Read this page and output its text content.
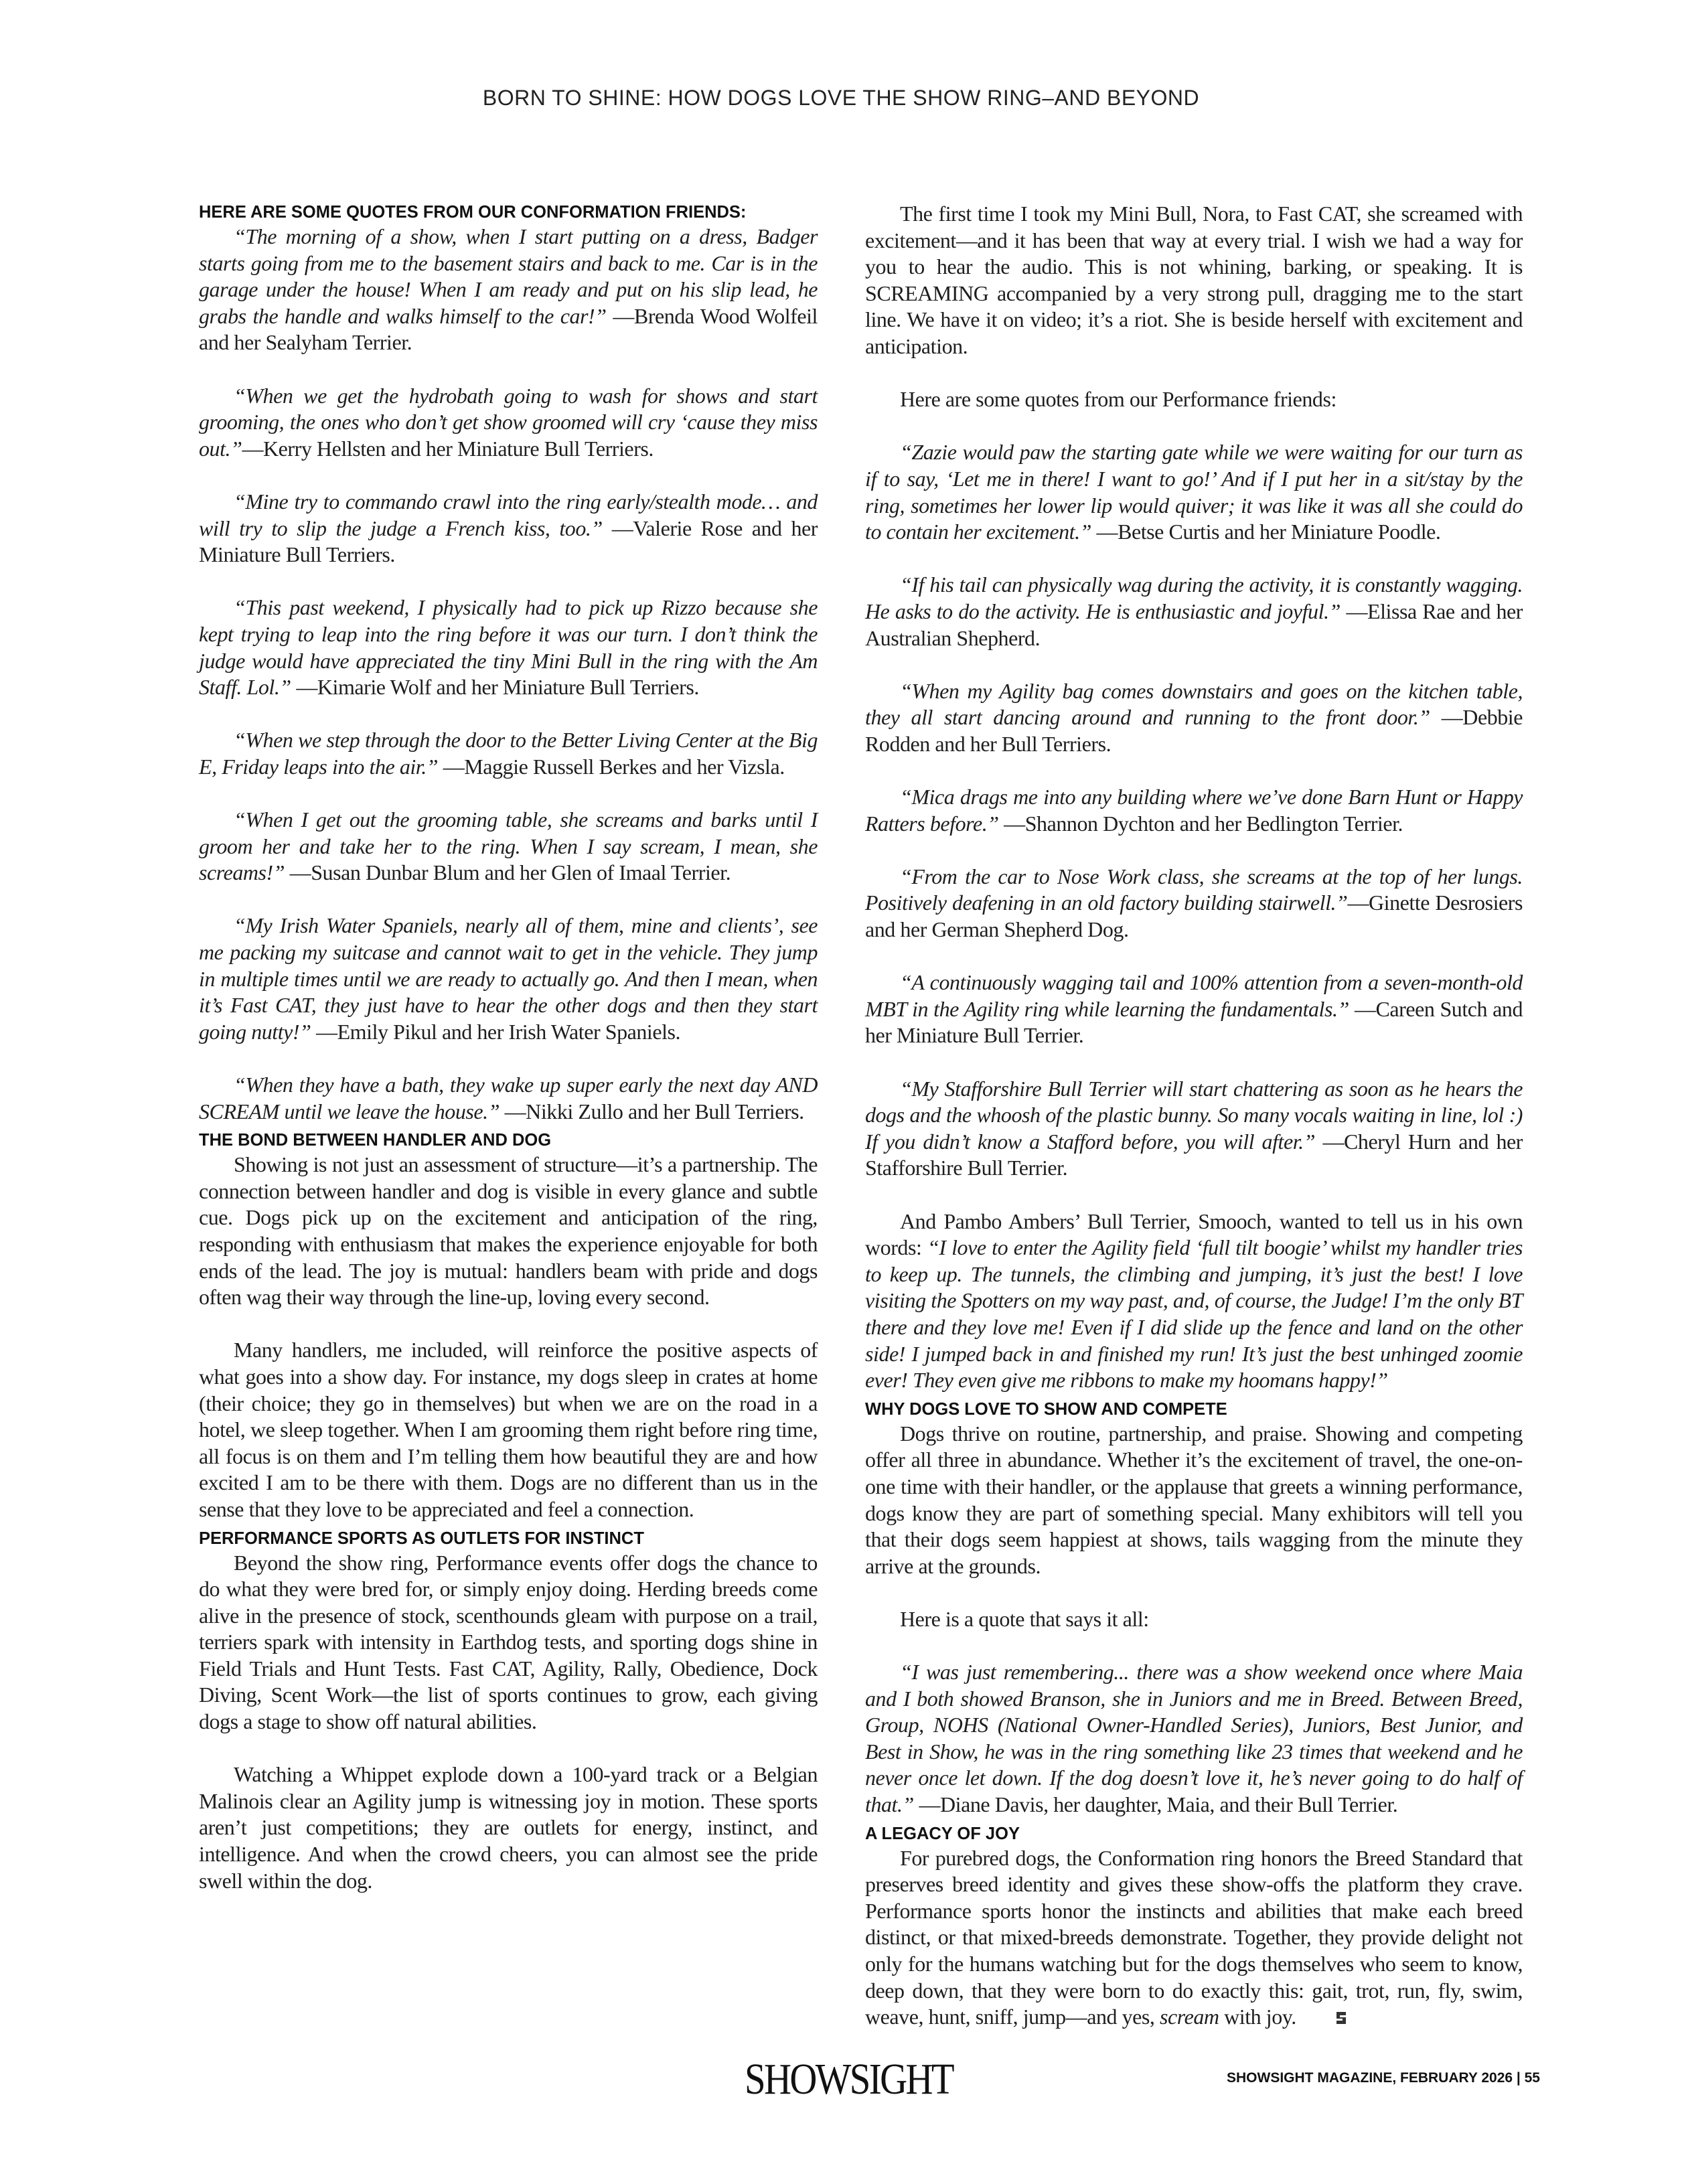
BORN TO SHINE: HOW DOGS LOVE THE SHOW RING–AND BEYOND
HERE ARE SOME QUOTES FROM OUR CONFORMATION FRIENDS:

“The morning of a show, when I start putting on a dress, Badger starts going from me to the basement stairs and back to me. Car is in the garage under the house! When I am ready and put on his slip lead, he grabs the handle and walks himself to the car!” —Brenda Wood Wolfeil and her Sealyham Terrier.

“When we get the hydrobath going to wash for shows and start grooming, the ones who don’t get show groomed will cry ‘cause they miss out.”—Kerry Hellsten and her Miniature Bull Terriers.

“Mine try to commando crawl into the ring early/stealth mode… and will try to slip the judge a French kiss, too.” —Valerie Rose and her Miniature Bull Terriers.

“This past weekend, I physically had to pick up Rizzo because she kept trying to leap into the ring before it was our turn. I don’t think the judge would have appreciated the tiny Mini Bull in the ring with the Am Staff. Lol.” —Kimarie Wolf and her Miniature Bull Terriers.

“When we step through the door to the Better Living Center at the Big E, Friday leaps into the air.” —Maggie Russell Berkes and her Vizsla.

“When I get out the grooming table, she screams and barks until I groom her and take her to the ring. When I say scream, I mean, she screams!” —Susan Dunbar Blum and her Glen of Imaal Terrier.

“My Irish Water Spaniels, nearly all of them, mine and clients’, see me packing my suitcase and cannot wait to get in the vehicle. They jump in multiple times until we are ready to actually go. And then I mean, when it’s Fast CAT, they just have to hear the other dogs and then they start going nutty!” —Emily Pikul and her Irish Water Spaniels.

“When they have a bath, they wake up super early the next day AND SCREAM until we leave the house.” —Nikki Zullo and her Bull Terriers.

THE BOND BETWEEN HANDLER AND DOG

Showing is not just an assessment of structure—it’s a partnership. The connection between handler and dog is visible in every glance and subtle cue. Dogs pick up on the excitement and anticipation of the ring, responding with enthusiasm that makes the experience enjoyable for both ends of the lead. The joy is mutual: handlers beam with pride and dogs often wag their way through the line-up, loving every second.

Many handlers, me included, will reinforce the positive aspects of what goes into a show day. For instance, my dogs sleep in crates at home (their choice; they go in themselves) but when we are on the road in a hotel, we sleep together. When I am grooming them right before ring time, all focus is on them and I’m telling them how beautiful they are and how excited I am to be there with them. Dogs are no different than us in the sense that they love to be appreciated and feel a connection.

PERFORMANCE SPORTS AS OUTLETS FOR INSTINCT

Beyond the show ring, Performance events offer dogs the chance to do what they were bred for, or simply enjoy doing. Herding breeds come alive in the presence of stock, scenthounds gleam with purpose on a trail, terriers spark with intensity in Earthdog tests, and sporting dogs shine in Field Trials and Hunt Tests. Fast CAT, Agility, Rally, Obedience, Dock Diving, Scent Work—the list of sports continues to grow, each giving dogs a stage to show off natural abilities.

Watching a Whippet explode down a 100-yard track or a Belgian Malinois clear an Agility jump is witnessing joy in motion. These sports aren’t just competitions; they are outlets for energy, instinct, and intelligence. And when the crowd cheers, you can almost see the pride swell within the dog.

The first time I took my Mini Bull, Nora, to Fast CAT, she screamed with excitement—and it has been that way at every trial. I wish we had a way for you to hear the audio. This is not whining, barking, or speaking. It is SCREAMING accompanied by a very strong pull, dragging me to the start line. We have it on video; it’s a riot. She is beside herself with excitement and anticipation.

Here are some quotes from our Performance friends:

“Zazie would paw the starting gate while we were waiting for our turn as if to say, ‘Let me in there! I want to go!’ And if I put her in a sit/stay by the ring, sometimes her lower lip would quiver; it was like it was all she could do to contain her excitement.” —Betse Curtis and her Miniature Poodle.

“If his tail can physically wag during the activity, it is constantly wagging. He asks to do the activity. He is enthusiastic and joyful.” —Elissa Rae and her Australian Shepherd.

“When my Agility bag comes downstairs and goes on the kitchen table, they all start dancing around and running to the front door.” —Debbie Rodden and her Bull Terriers.

“Mica drags me into any building where we’ve done Barn Hunt or Happy Ratters before.” —Shannon Dychton and her Bedlington Terrier.

“From the car to Nose Work class, she screams at the top of her lungs. Positively deafening in an old factory building stairwell.”—Ginette Desrosiers and her German Shepherd Dog.

“A continuously wagging tail and 100% attention from a seven-month-old MBT in the Agility ring while learning the fundamentals.” —Careen Sutch and her Miniature Bull Terrier.

“My Stafforshire Bull Terrier will start chattering as soon as he hears the dogs and the whoosh of the plastic bunny. So many vocals waiting in line, lol :) If you didn’t know a Stafford before, you will after.” —Cheryl Hurn and her Stafforshire Bull Terrier.

And Pambo Ambers’ Bull Terrier, Smooch, wanted to tell us in his own words: “I love to enter the Agility field ‘full tilt boogie’ whilst my handler tries to keep up. The tunnels, the climbing and jumping, it’s just the best! I love visiting the Spotters on my way past, and, of course, the Judge! I’m the only BT there and they love me! Even if I did slide up the fence and land on the other side! I jumped back in and finished my run! It’s just the best unhinged zoomie ever! They even give me ribbons to make my hoomans happy!”

WHY DOGS LOVE TO SHOW AND COMPETE

Dogs thrive on routine, partnership, and praise. Showing and competing offer all three in abundance. Whether it’s the excitement of travel, the one-on-one time with their handler, or the applause that greets a winning performance, dogs know they are part of something special. Many exhibitors will tell you that their dogs seem happiest at shows, tails wagging from the minute they arrive at the grounds.

Here is a quote that says it all:

“I was just remembering... there was a show weekend once where Maia and I both showed Branson, she in Juniors and me in Breed. Between Breed, Group, NOHS (National Owner-Handled Series), Juniors, Best Junior, and Best in Show, he was in the ring something like 23 times that weekend and he never once let down. If the dog doesn’t love it, he’s never going to do half of that.” —Diane Davis, her daughter, Maia, and their Bull Terrier.

A LEGACY OF JOY

For purebred dogs, the Conformation ring honors the Breed Standard that preserves breed identity and gives these show-offs the platform they crave. Performance sports honor the instincts and abilities that make each breed distinct, or that mixed-breeds demonstrate. Together, they provide delight not only for the humans watching but for the dogs themselves who seem to know, deep down, that they were born to do exactly this: gait, trot, run, fly, swim, weave, hunt, sniff, jump—and yes, scream with joy.

SHOWSIGHT	SHOWSIGHT MAGAZINE, FEBRUARY 2026 | 55
